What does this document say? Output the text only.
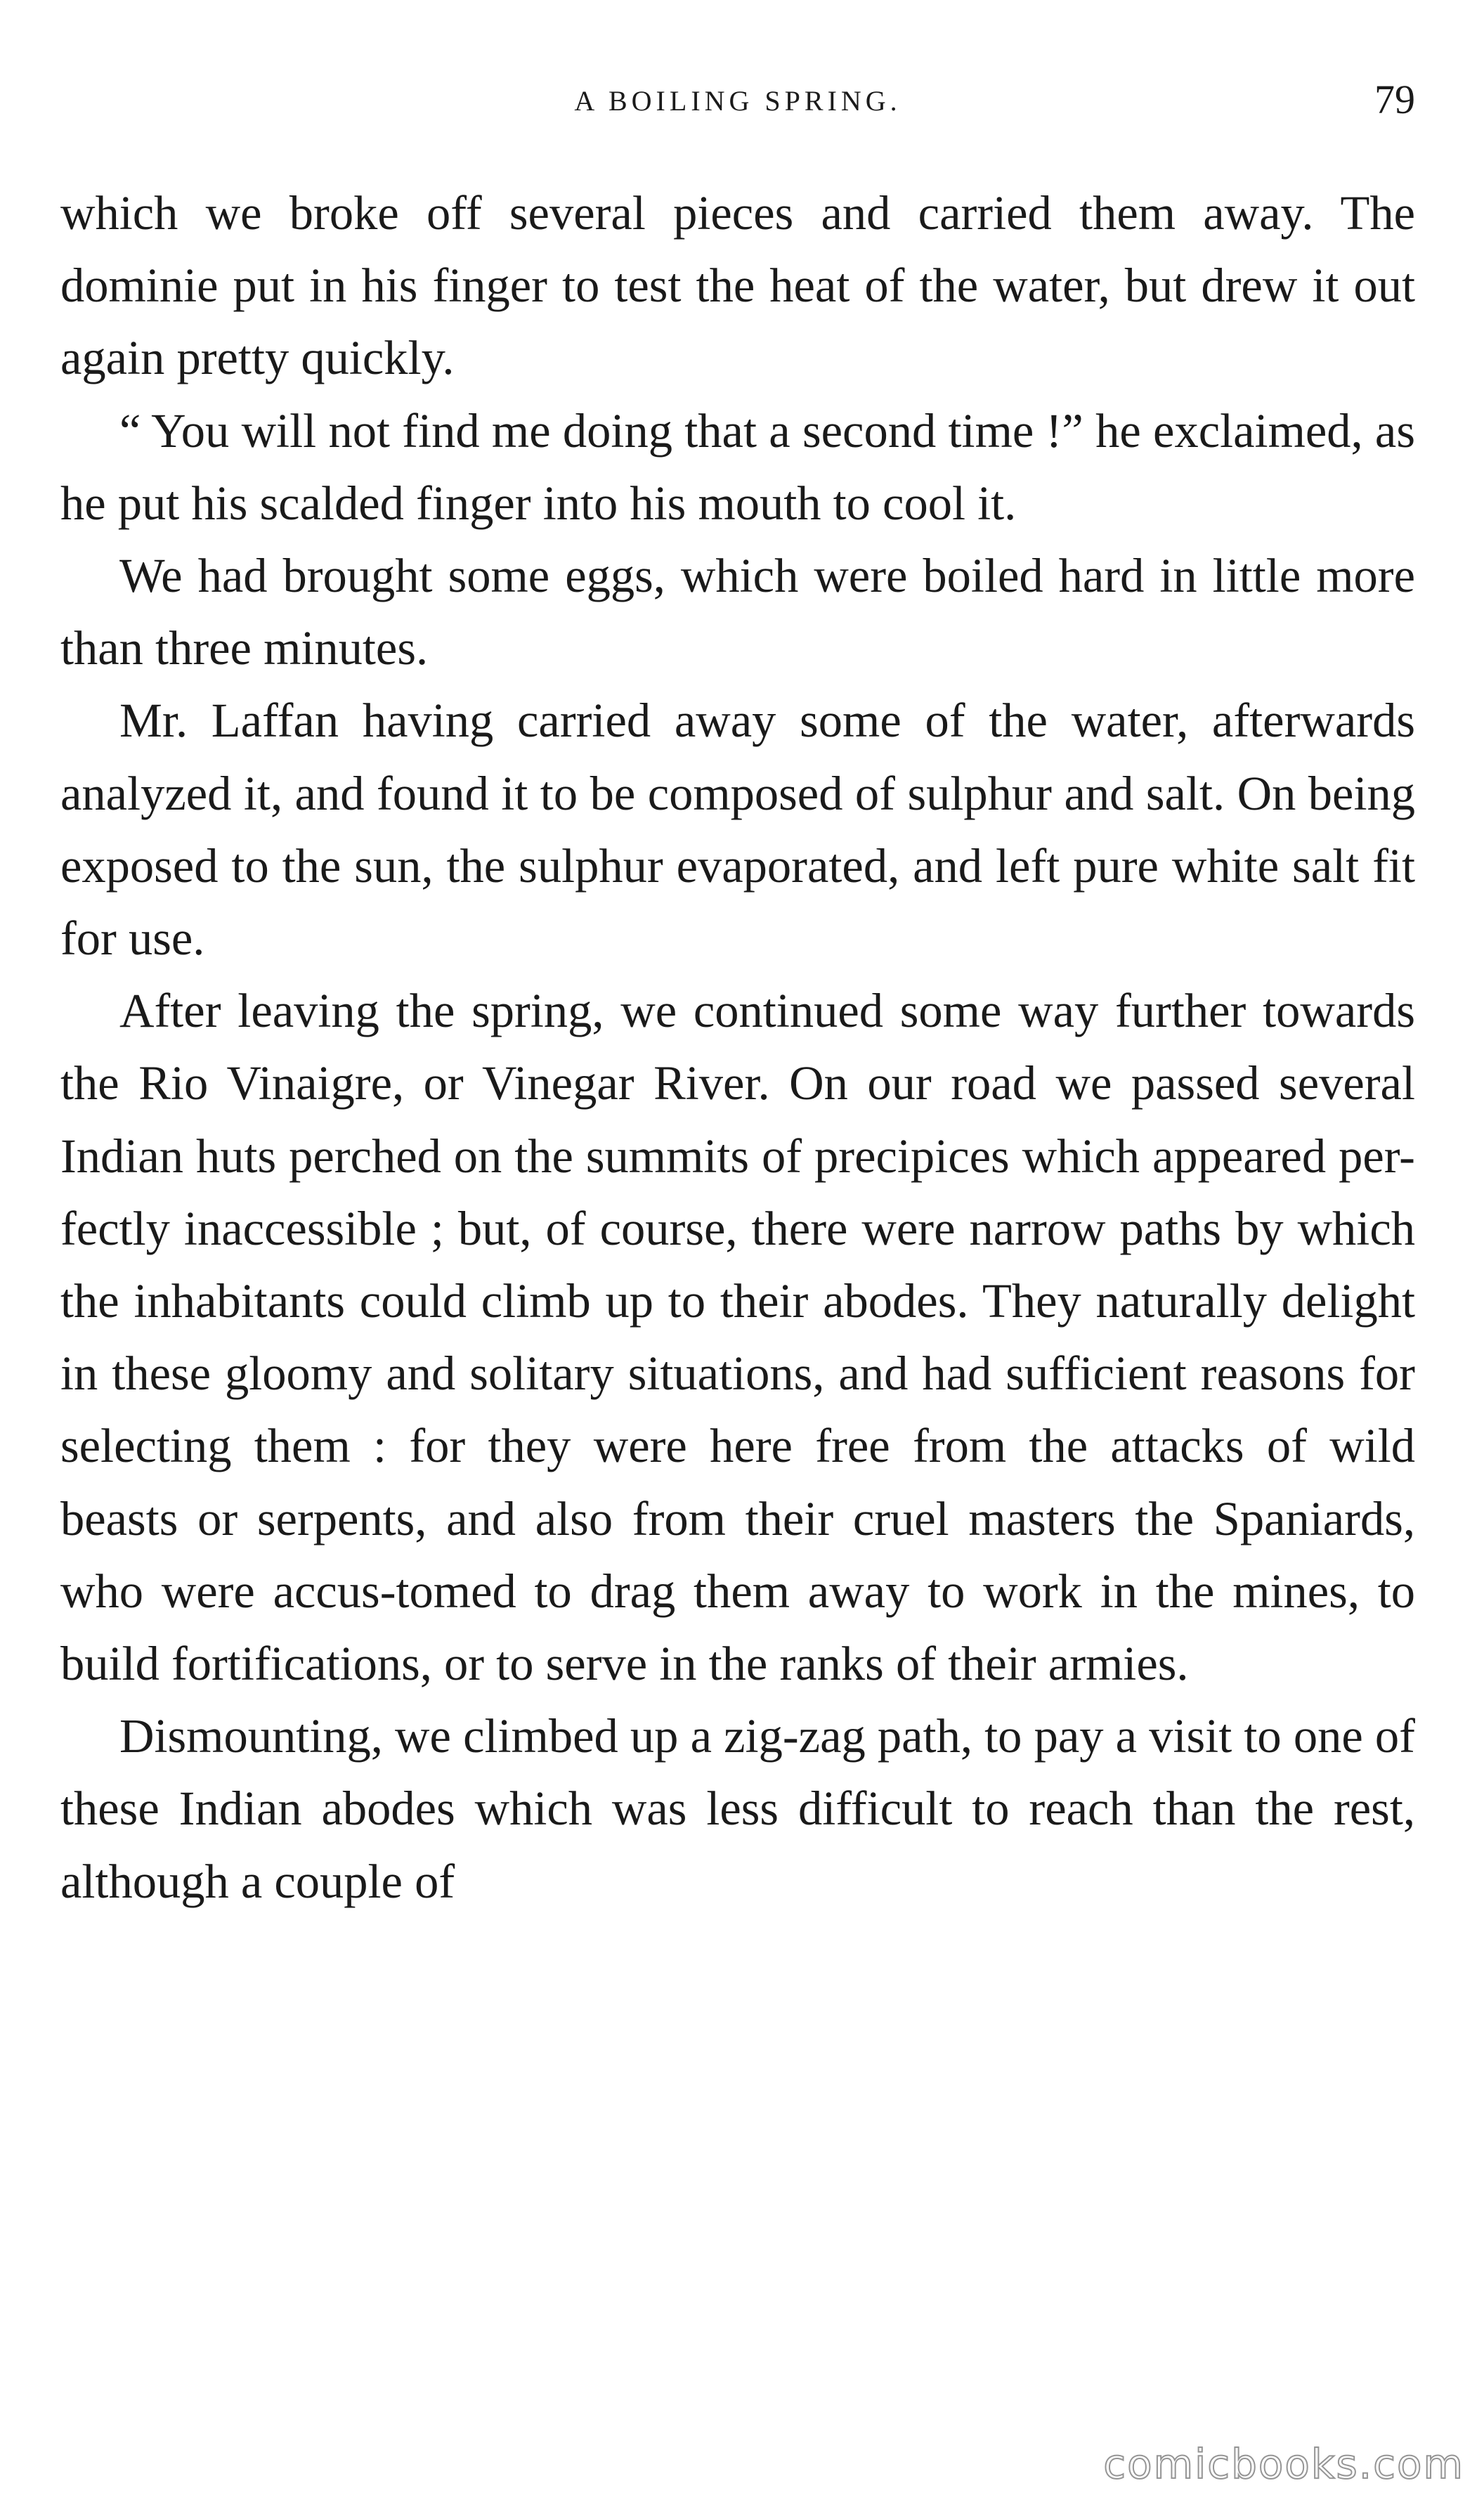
A BOILING SPRING.	79

which we broke off several pieces and carried them away. The dominie put in his finger to test the heat of the water, but drew it out again pretty quickly.

“ You will not find me doing that a second time !” he exclaimed, as he put his scalded finger into his mouth to cool it.

We had brought some eggs, which were boiled hard in little more than three minutes.

Mr. Laffan having carried away some of the water, afterwards analyzed it, and found it to be composed of sulphur and salt. On being exposed to the sun, the sulphur evaporated, and left pure white salt fit for use.

After leaving the spring, we continued some way further towards the Rio Vinaigre, or Vinegar River. On our road we passed several Indian huts perched on the summits of precipices which appeared per-fectly inaccessible ; but, of course, there were narrow paths by which the inhabitants could climb up to their abodes. They naturally delight in these gloomy and solitary situations, and had sufficient reasons for selecting them : for they were here free from the attacks of wild beasts or serpents, and also from their cruel masters the Spaniards, who were accus-tomed to drag them away to work in the mines, to build fortifications, or to serve in the ranks of their armies.

Dismounting, we climbed up a zig-zag path, to pay a visit to one of these Indian abodes which was less difficult to reach than the rest, although a couple of

comicbooks.com
